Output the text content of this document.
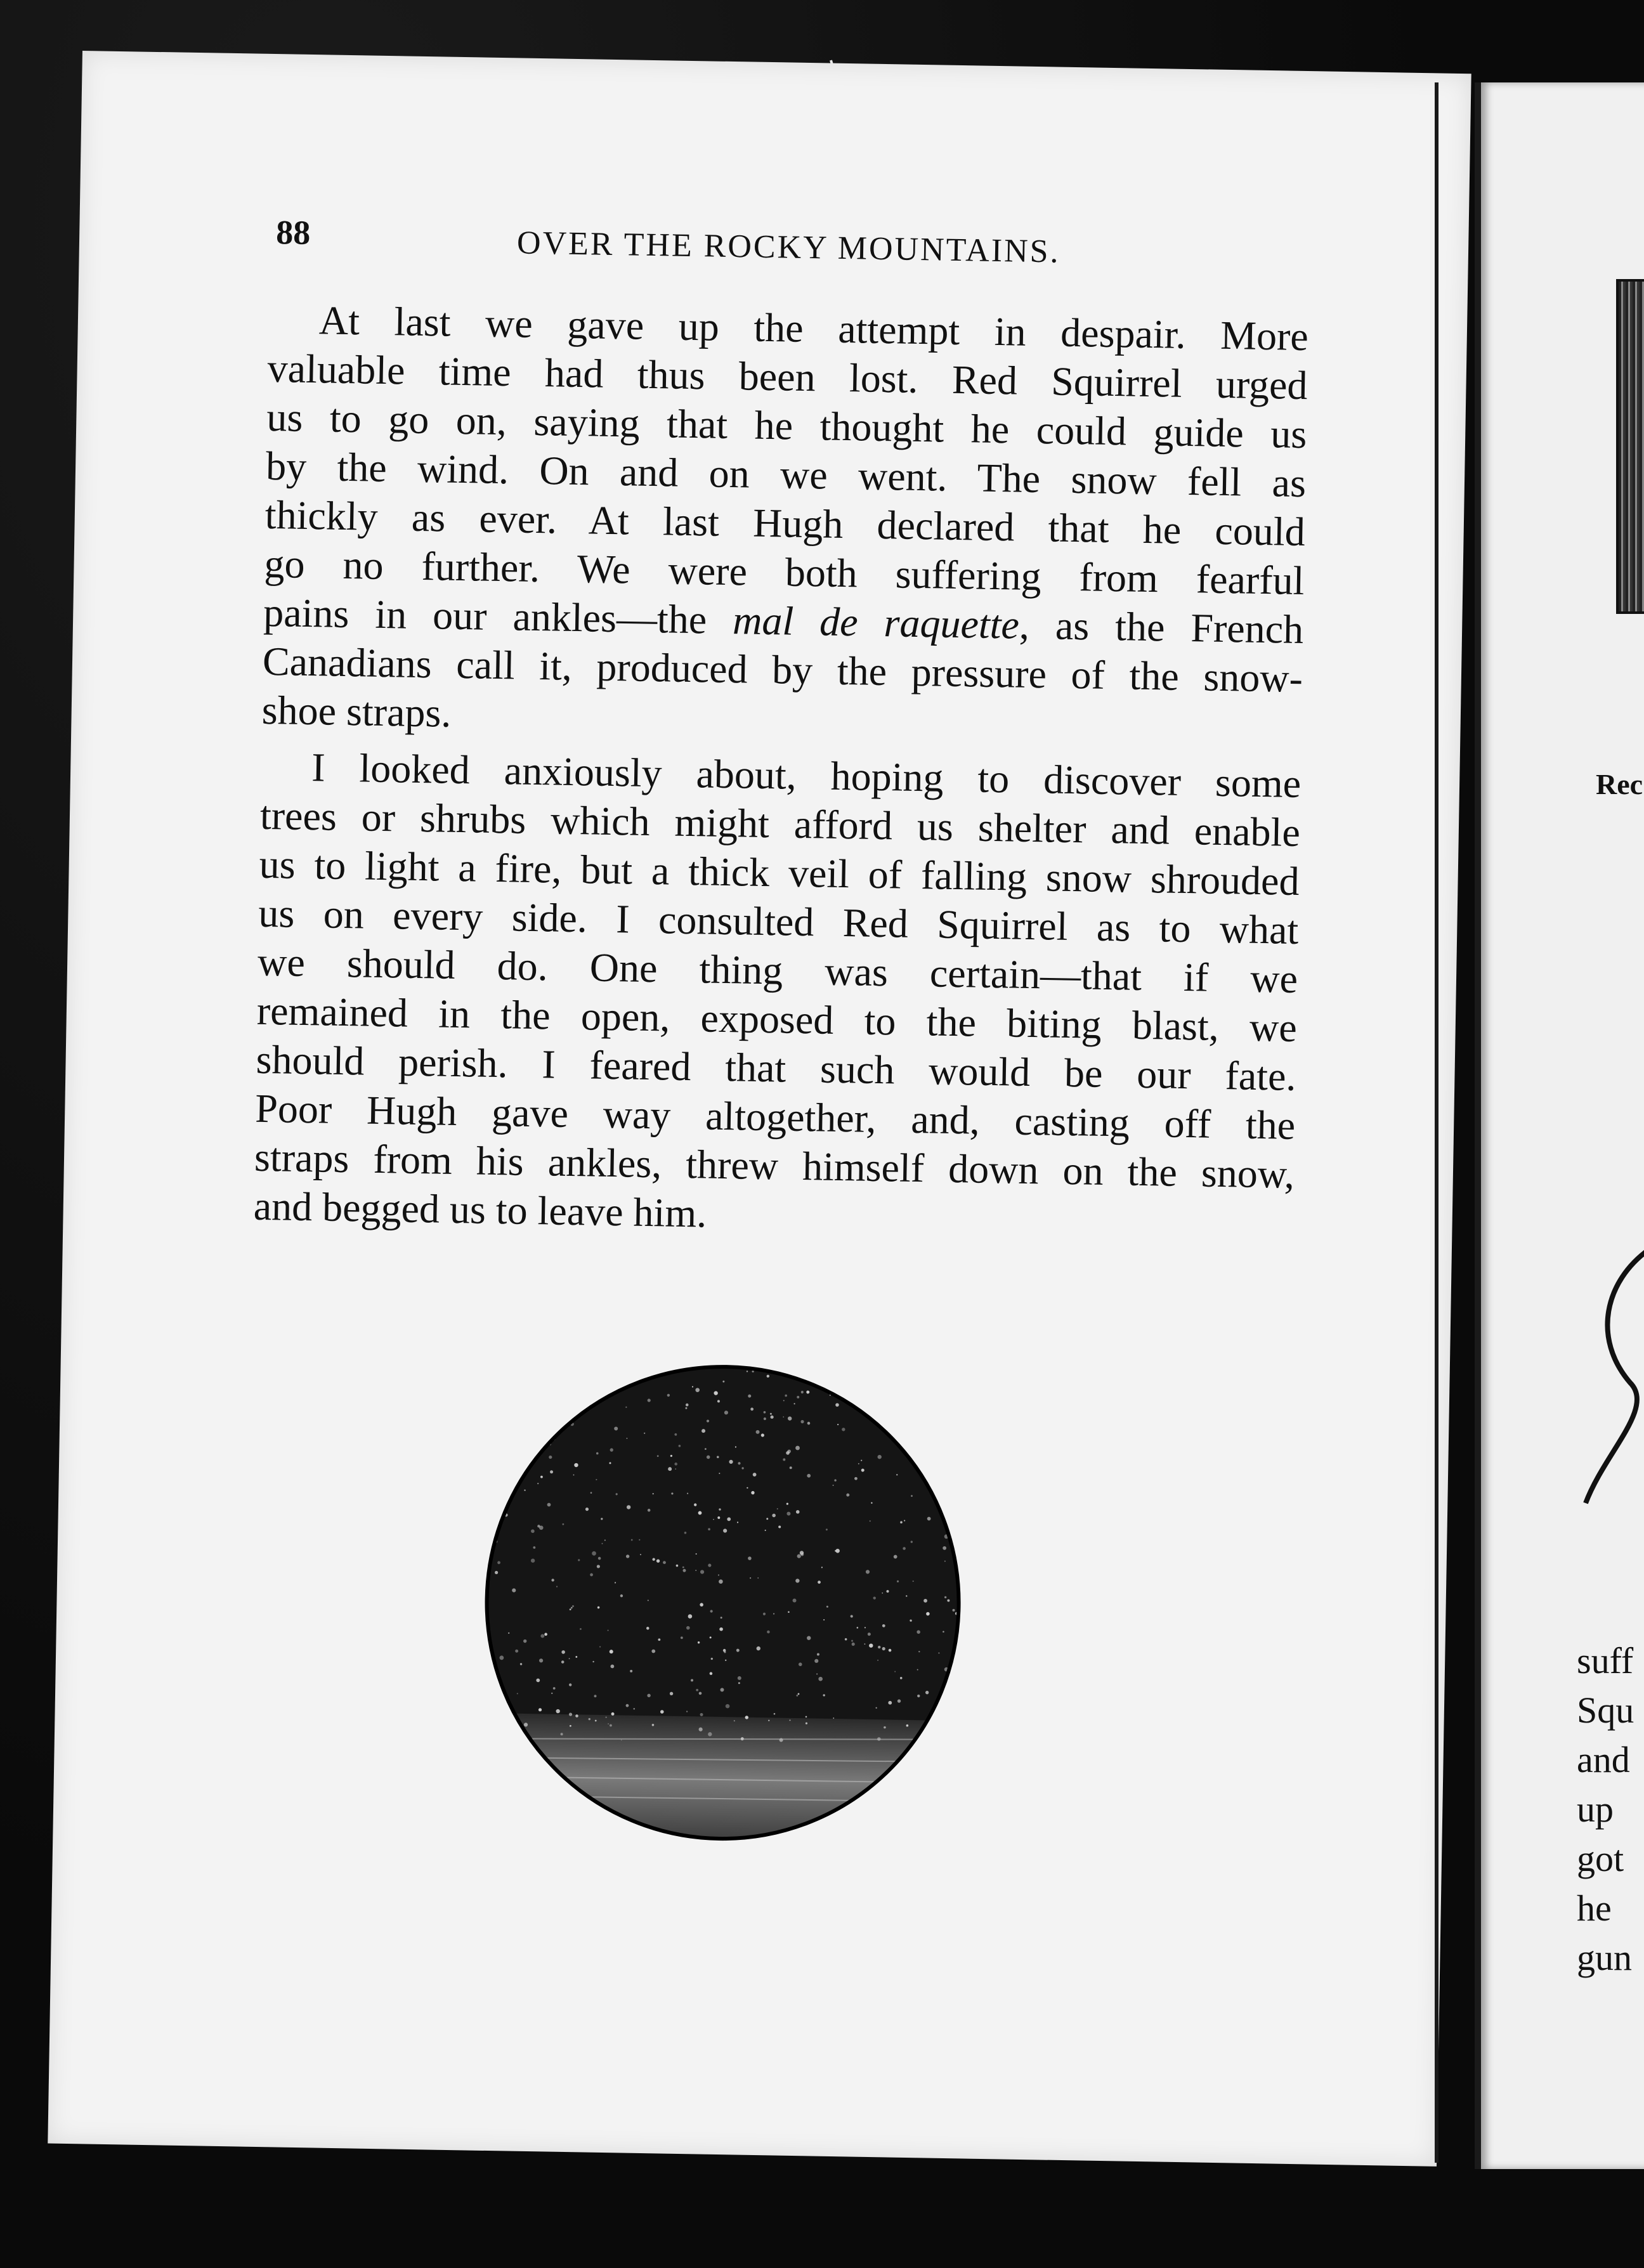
88	OVER THE ROCKY MOUNTAINS.

At last we gave up the attempt in despair. More
valuable time had thus been lost. Red Squirrel urged
us to go on, saying that he thought he could guide us
by the wind. On and on we went. The snow fell as
thickly as ever. At last Hugh declared that he could
go no further. We were both suffering from fearful
pains in our ankles—the mal de raquette, as the French
Canadians call it, produced by the pressure of the snow-
shoe straps.

I looked anxiously about, hoping to discover some
trees or shrubs which might afford us shelter and enable
us to light a fire, but a thick veil of falling snow shrouded
us on every side. I consulted Red Squirrel as to what
we should do. One thing was certain—that if we
remained in the open, exposed to the biting blast, we
should perish. I feared that such would be our fate.
Poor Hugh gave way altogether, and, casting off the
straps from his ankles, threw himself down on the snow,
and begged us to leave him.

Rec
suff
Squ
and
up
got
he
gun
